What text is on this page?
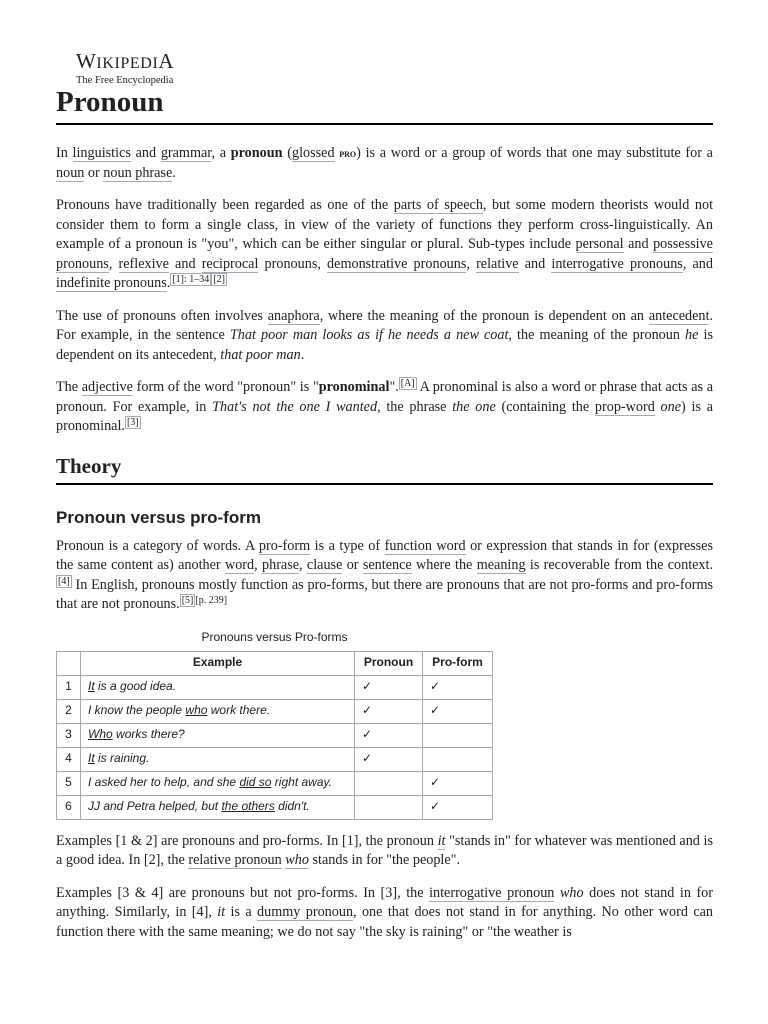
WIKIPEDIA
The Free Encyclopedia
Pronoun

In linguistics and grammar, a pronoun (glossed pro) is a word or a group of words that one may substitute for a noun or noun phrase.

Pronouns have traditionally been regarded as one of the parts of speech, but some modern theorists would not consider them to form a single class, in view of the variety of functions they perform cross-linguistically. An example of a pronoun is "you", which can be either singular or plural. Sub-types include personal and possessive pronouns, reflexive and reciprocal pronouns, demonstrative pronouns, relative and interrogative pronouns, and indefinite pronouns. $^{[1]: 1-34}$ [2]

The use of pronouns often involves anaphora, where the meaning of the pronoun is dependent on an antecedent. For example, in the sentence That poor man looks as if he needs a new coat, the meaning of the pronoun he is dependent on its antecedent, that poor man.

The adjective form of the word "pronoun" is "pronominal". [A] A pronominal is also a word or phrase that acts as a pronoun. For example, in That's not the one I wanted, the phrase the one (containing the prop-word one) is a pronominal. [3]

Theory
Pronoun versus pro-form

Pronoun is a category of words. A pro-form is a type of function word or expression that stands in for (expresses the same content as) another word, phrase, clause or sentence where the meaning is recoverable from the context.[4] In English, pronouns mostly function as pro-forms, but there are pronouns that are not pro-forms and pro-forms that are not pronouns. [5] [p. 239]

Pronouns versus Pro-forms
	Example	Pronoun	Pro-form
1	It is a good idea.	✓	✓
2	I know the people who work there.	✓	✓
3	Who works there?	✓	
4	It is raining.	✓	
5	I asked her to help, and she did so right away.		✓
6	JJ and Petra helped, but the others didn't.		✓

Examples [1 & 2] are pronouns and pro-forms. In [1], the pronoun it "stands in" for whatever was mentioned and is a good idea. In [2], the relative pronoun who stands in for "the people".

Examples [3 & 4] are pronouns but not pro-forms. In [3], the interrogative pronoun who does not stand in for anything. Similarly, in [4], it is a dummy pronoun, one that does not stand in for anything. No other word can function there with the same meaning; we do not say "the sky is raining" or "the weather is
